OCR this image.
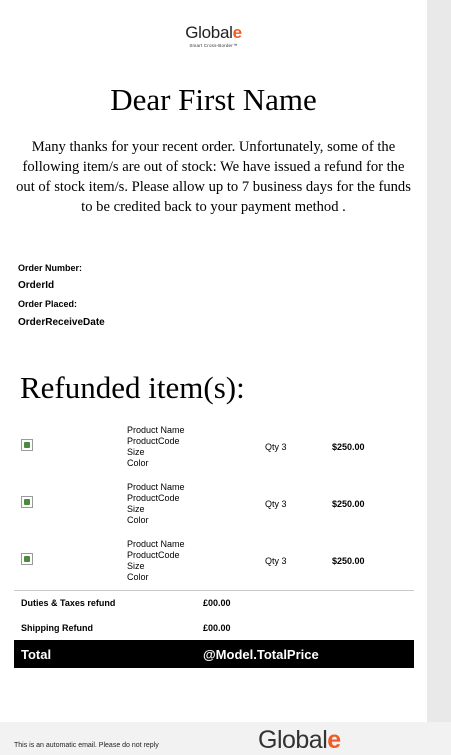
Globale
Smart Cross-Border™
Dear First Name
Many thanks for your recent order. Unfortunately, some of the following item/s are out of stock: We have issued a refund for the out of stock item/s. Please allow up to 7 business days for the funds to be credited back to your payment method .
Order Number:
OrderId
Order Placed:
OrderReceiveDate
Refunded item(s):
Product Name
ProductCode
Size
Color
Qty 3	$250.00
Product Name
ProductCode
Size
Color
Qty 3	$250.00
Product Name
ProductCode
Size
Color
Qty 3	$250.00
Duties & Taxes refund	£00.00
Shipping Refund	£00.00
Total	@Model.TotalPrice
This is an automatic email. Please do not reply	Globale
